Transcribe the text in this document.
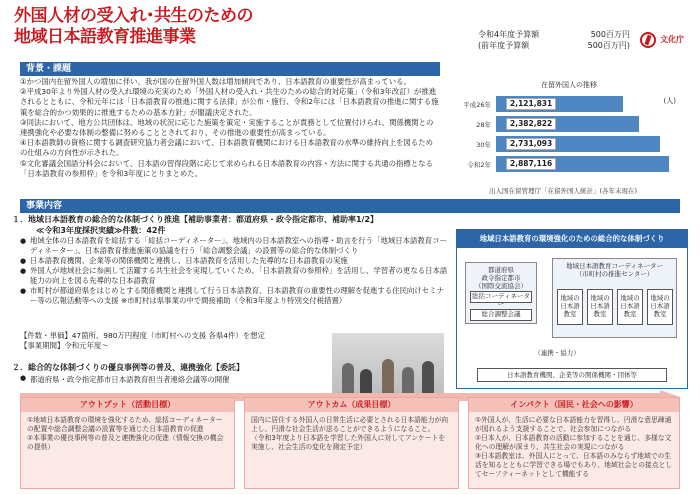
外国人材の受入れ･共生のための
地域日本語教育推進事業	令和4年度予算額	500百万円
(前年度予算額	500百万円)
文化庁
背景・課題
①かつ国内在留外国人の増加に伴い、我が国の在留外国人数は増加傾向であり、日本語教育の重要性が高まっている。
②平成30年より外国人材の受入れ環境の充実のため「外国人材の受入れ・共生のための総合的対応策」（令和3年改訂）が推進されるとともに、令和元年には「日本語教育の推進に関する法律」が公布・施行、令和2年には「日本語教育の推進に関する施策を総合的かつ効果的に推進するための基本方針」が閣議決定された。
③同法において、地方公共団体は、地域の状況に応じた施策を策定・実施することが責務として位置付けられ、関係機関との連携強化や必要な体制の整備に努めることとされており、その推進の重要性が高まっている。
④日本語教師の資格に関する調査研究協力者会議において、日本語教育機関における日本語教育の水準の維持向上を図るための仕組みの方向性が示された。
⑤文化審議会国語分科会において、日本語の習得段階に応じて求められる日本語教育の内容・方法に関する共通の指標となる「日本語教育の参照枠」を令和3年度にとりまとめた。
在留外国人の推移
(人)
出入国在留管理庁「在留外国人統計」(各年末現在)
平成26年	2,121,831
28年	2,382,822
30年	2,731,093
令和2年	2,887,116
事業内容
１．地域日本語教育の総合的な体制づくり推進【補助事業者：都道府県・政令指定都市、補助率1/2】
≪令和3年度採択実績≫件数：42件
● 地域全体の日本語教育を総括する「総括コーディネーター」、地域内の日本語教室への指導・助言を行う「地域日本語教育コーディネーター」、日本語教育推進施策の協議を行う「総合調整会議」の設置等の総合的な体制づくり
● 日本語教育機関、企業等の関係機関と連携し、日本語教育を活用した先導的な日本語教育の実施
● 外国人が地域社会に参画して活躍する共生社会を実現していくため、「日本語教育の参照枠」を活用し、学習者の更なる日本語能力の向上を図る先導的な日本語教育
● 市町村が都道府県をはじめとする関係機関と連携して行う日本語教育、日本語教育の重要性の理解を促進する住民向けセミナー等の広報活動等への支援 ※市町村は県事業の中で間接補助（令和3年度より特別交付税措置）
【件数・単価】47箇所、980万円程度（市町村への支援 各県4件）を想定
【事業期間】令和元年度～
２．総合的な体制づくりの優良事例等の普及、連携強化【委託】
● 都道府県・政令指定都市日本語教育担当者連絡会議等の開催
地域日本語教育の環境強化のための総合的な体制づくり
都道府県
政令指定都市
（国際交流協会）
総括コーディネーター
総合調整会議
地域日本語教育コーディネーター
（市町村の推進センター）
地域の日本語教室
地域の日本語教室
地域の日本語教室
地域の日本語教室
（連携・協力）
日本語教育機関、企業等の関係機関・団体等
アウトプット（活動目標）
①地域日本語教育の環境を強化するため、総括コーディネーターの配置や総合調整会議の設置等を通じた日本語教育の促進
②本事業の優良事例等の普及と連携強化の促進（情報交換の機会の提供）
アウトカム（成果目標）
国内に居住する外国人の日常生活に必要とされる日本語能力が向上し、円滑な社会生活が送ることができるようになること。
（令和3年度より日本語を学習した外国人に対してアンケートを実施し、社会生活の変化を測定予定）
インパクト（国民・社会への影響）
①外国人が、生活に必要な日本語能力を習得し、円滑な意思疎通が図れるよう支援することで、社会参加につながる
②日本人が、日本語教育の活動に参加することを通じ、多様な文化への理解が深まり、共生社会の実現につながる
③日本語教室は、外国人にとって、日本語のみならず地域での生活を知るとともに学習できる場でもあり、地域社会との接点としてセーフティーネットとして機能する
